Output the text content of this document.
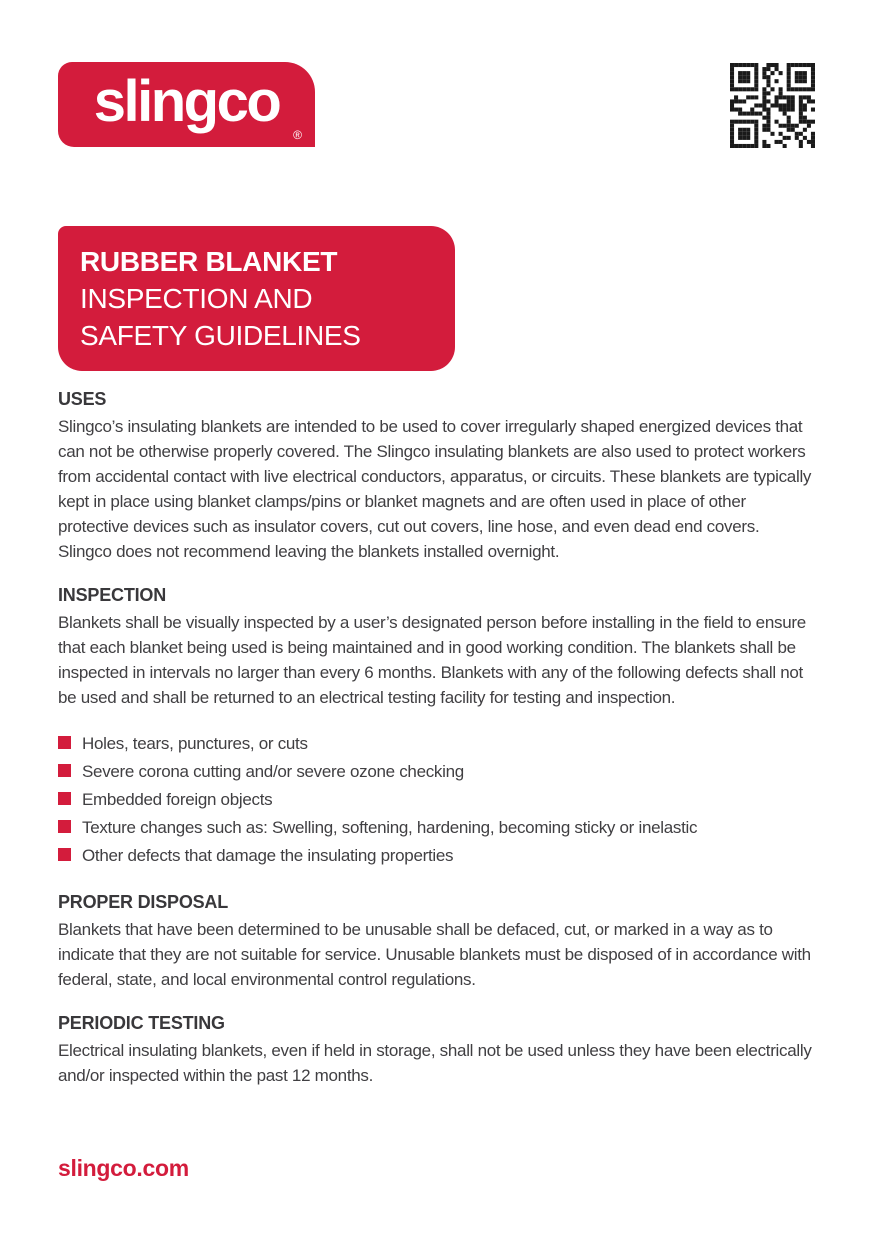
slingco
®
RUBBER BLANKET
INSPECTION AND
SAFETY GUIDELINES
USES

Slingco’s insulating blankets are intended to be used to cover irregularly shaped energized devices that can not be otherwise properly covered. The Slingco insulating blankets are also used to protect workers from accidental contact with live electrical conductors, apparatus, or circuits. These blankets are typically kept in place using blanket clamps/pins or blanket magnets and are often used in place of other protective devices such as insulator covers, cut out covers, line hose, and even dead end covers. Slingco does not recommend leaving the blankets installed overnight.

INSPECTION

Blankets shall be visually inspected by a user’s designated person before installing in the field to ensure that each blanket being used is being maintained and in good working condition. The blankets shall be inspected in intervals no larger than every 6 months. Blankets with any of the following defects shall not be used and shall be returned to an electrical testing facility for testing and inspection.

Holes, tears, punctures, or cuts
Severe corona cutting and/or severe ozone checking
Embedded foreign objects
Texture changes such as: Swelling, softening, hardening, becoming sticky or inelastic
Other defects that damage the insulating properties
PROPER DISPOSAL

Blankets that have been determined to be unusable shall be defaced, cut, or marked in a way as to indicate that they are not suitable for service. Unusable blankets must be disposed of in accordance with federal, state, and local environmental control regulations.

PERIODIC TESTING

Electrical insulating blankets, even if held in storage, shall not be used unless they have been electrically and/or inspected within the past 12 months.

slingco.com
